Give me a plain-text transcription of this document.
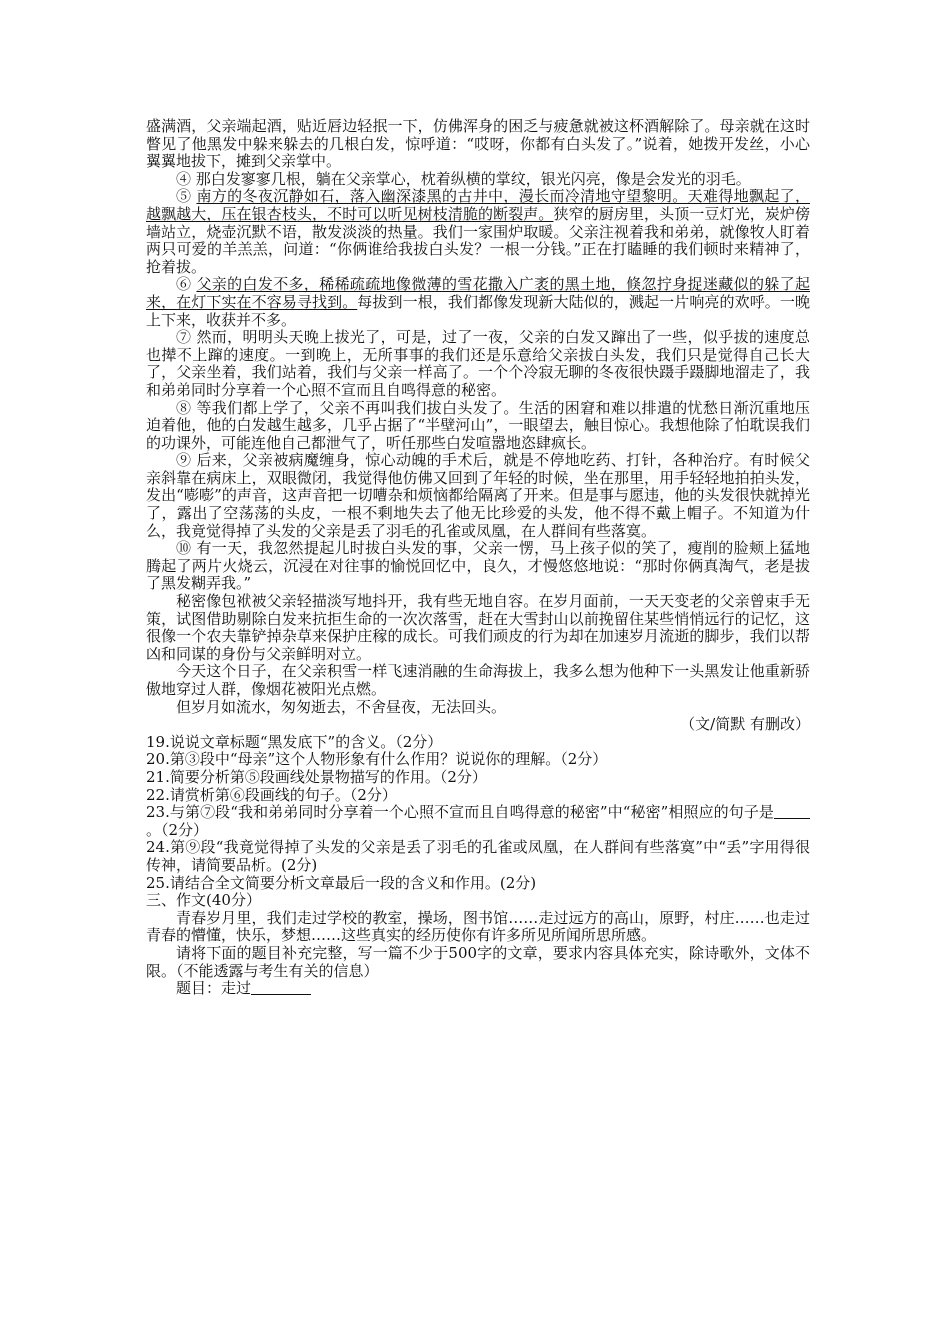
盛满酒，父亲端起酒，贴近唇边轻抿一下，仿佛浑身的困乏与疲惫就被这杯酒解除了。母亲就在这时瞥见了他黑发中躲来躲去的几根白发，惊呼道：“哎呀，你都有白头发了。”说着，她拨开发丝，小心翼翼地拔下，摊到父亲掌中。

④ 那白发寥寥几根，躺在父亲掌心，枕着纵横的掌纹，银光闪亮，像是会发光的羽毛。

⑤ 南方的冬夜沉静如石，落入幽深漆黑的古井中，漫长而冷清地守望黎明。天难得地飘起了，越飘越大，压在银杏枝头，不时可以听见树枝清脆的断裂声。狭窄的厨房里，头顶一豆灯光，炭炉傍墙站立，烧壶沉默不语，散发淡淡的热量。我们一家围炉取暖。父亲注视着我和弟弟，就像牧人盯着两只可爱的羊羔羔，问道：“你俩谁给我拔白头发？一根一分钱。”正在打瞌睡的我们顿时来精神了，抢着拔。

⑥ 父亲的白发不多，稀稀疏疏地像微薄的雪花撒入广袤的黑土地，倏忽拧身捉迷藏似的躲了起来，在灯下实在不容易寻找到。每拔到一根，我们都像发现新大陆似的，溅起一片响亮的欢呼。一晚上下来，收获并不多。

⑦ 然而，明明头天晚上拔光了，可是，过了一夜，父亲的白发又蹿出了一些，似乎拔的速度总也撵不上蹿的速度。一到晚上，无所事事的我们还是乐意给父亲拔白头发，我们只是觉得自己长大了，父亲坐着，我们站着，我们与父亲一样高了。一个个冷寂无聊的冬夜很快蹑手蹑脚地溜走了，我和弟弟同时分享着一个心照不宣而且自鸣得意的秘密。

⑧ 等我们都上学了，父亲不再叫我们拔白头发了。生活的困窘和难以排遣的忧愁日渐沉重地压迫着他，他的白发越生越多，几乎占据了“半壁河山”，一眼望去，触目惊心。我想他除了怕耽误我们的功课外，可能连他自己都泄气了，听任那些白发喧嚣地恣肆疯长。

⑨ 后来，父亲被病魔缠身，惊心动魄的手术后，就是不停地吃药、打针，各种治疗。有时候父亲斜靠在病床上，双眼微闭，我觉得他仿佛又回到了年轻的时候，坐在那里，用手轻轻地拍拍头发，发出“嘭嘭”的声音，这声音把一切嘈杂和烦恼都给隔离了开来。但是事与愿违，他的头发很快就掉光了，露出了空荡荡的头皮，一根不剩地失去了他无比珍爱的头发，他不得不戴上帽子。不知道为什么，我竟觉得掉了头发的父亲是丢了羽毛的孔雀或凤凰，在人群间有些落寞。

⑩ 有一天，我忽然提起儿时拔白头发的事，父亲一愣，马上孩子似的笑了，瘦削的脸颊上猛地腾起了两片火烧云，沉浸在对往事的愉悦回忆中，良久，才慢悠悠地说：“那时你俩真淘气，老是拔了黑发糊弄我。”

秘密像包袱被父亲轻描淡写地抖开，我有些无地自容。在岁月面前，一天天变老的父亲曾束手无策，试图借助剔除白发来抗拒生命的一次次落雪，赶在大雪封山以前挽留住某些悄悄远行的记忆，这很像一个农夫靠铲掉杂草来保护庄稼的成长。可我们顽皮的行为却在加速岁月流逝的脚步，我们以帮凶和同谋的身份与父亲鲜明对立。

今天这个日子，在父亲积雪一样飞速消融的生命海拔上，我多么想为他种下一头黑发让他重新骄傲地穿过人群，像烟花被阳光点燃。

但岁月如流水，匆匆逝去，不舍昼夜，无法回头。

（文/简默 有删改）

19.说说文章标题“黑发底下”的含义。（2分）

20.第③段中“母亲”这个人物形象有什么作用？说说你的理解。（2分）

21.简要分析第⑤段画线处景物描写的作用。（2分）

22.请赏析第⑥段画线的句子。（2分）

23.与第⑦段“我和弟弟同时分享着一个心照不宣而且自鸣得意的秘密”中“秘密”相照应的句子是。（2分）

24.第⑨段“我竟觉得掉了头发的父亲是丢了羽毛的孔雀或凤凰，在人群间有些落寞”中“丢”字用得很传神，请简要品析。(2分)

25.请结合全文简要分析文章最后一段的含义和作用。(2分)

三、作文(40分）

青春岁月里，我们走过学校的教室，操场，图书馆……走过远方的高山，原野，村庄……也走过青春的懵懂，快乐，梦想……这些真实的经历使你有许多所见所闻所思所感。

请将下面的题目补充完整，写一篇不少于500字的文章，要求内容具体充实，除诗歌外，文体不限。（不能透露与考生有关的信息）

题目：走过
